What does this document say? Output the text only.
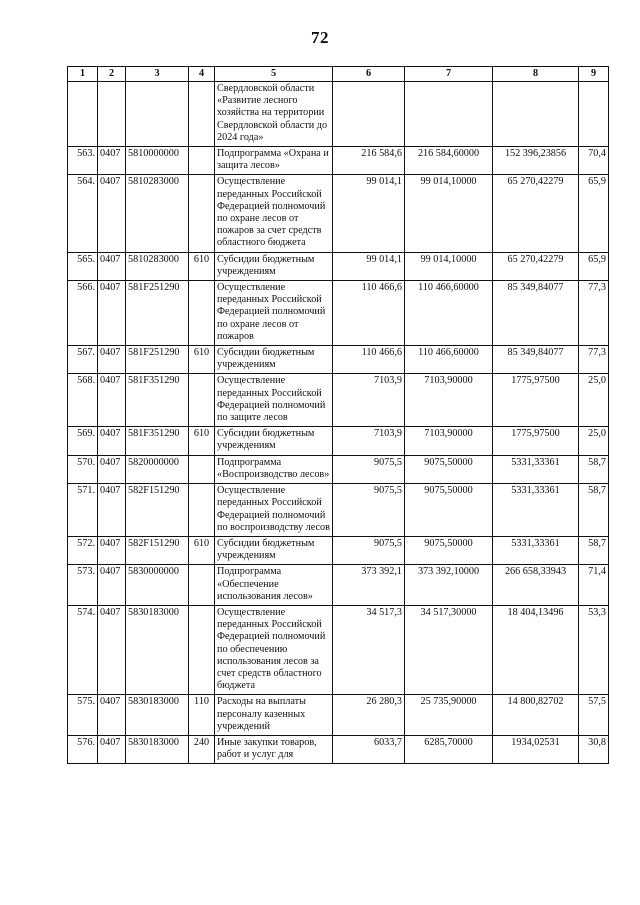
72
1	2	3	4	5	6	7	8	9
				Свердловской области «Развитие лесного хозяйства на территории Свердловской области до 2024 года»				
563.	0407	5810000000		Подпрограмма «Охрана и защита лесов»	216 584,6	216 584,60000	152 396,23856	70,4
564.	0407	5810283000		Осуществление переданных Российской Федерацией полномочий по охране лесов от пожаров за счет средств областного бюджета	99 014,1	99 014,10000	65 270,42279	65,9
565.	0407	5810283000	610	Субсидии бюджетным учреждениям	99 014,1	99 014,10000	65 270,42279	65,9
566.	0407	581F251290		Осуществление переданных Российской Федерацией полномочий по охране лесов от пожаров	110 466,6	110 466,60000	85 349,84077	77,3
567.	0407	581F251290	610	Субсидии бюджетным учреждениям	110 466,6	110 466,60000	85 349,84077	77,3
568.	0407	581F351290		Осуществление переданных Российской Федерацией полномочий по защите лесов	7103,9	7103,90000	1775,97500	25,0
569.	0407	581F351290	610	Субсидии бюджетным учреждениям	7103,9	7103,90000	1775,97500	25,0
570.	0407	5820000000		Подпрограмма «Воспроизводство лесов»	9075,5	9075,50000	5331,33361	58,7
571.	0407	582F151290		Осуществление переданных Российской Федерацией полномочий по воспроизводству лесов	9075,5	9075,50000	5331,33361	58,7
572.	0407	582F151290	610	Субсидии бюджетным учреждениям	9075,5	9075,50000	5331,33361	58,7
573.	0407	5830000000		Подпрограмма «Обеспечение использования лесов»	373 392,1	373 392,10000	266 658,33943	71,4
574.	0407	5830183000		Осуществление переданных Российской Федерацией полномочий по обеспечению использования лесов за счет средств областного бюджета	34 517,3	34 517,30000	18 404,13496	53,3
575.	0407	5830183000	110	Расходы на выплаты персоналу казенных учреждений	26 280,3	25 735,90000	14 800,82702	57,5
576.	0407	5830183000	240	Иные закупки товаров, работ и услуг для	6033,7	6285,70000	1934,02531	30,8
